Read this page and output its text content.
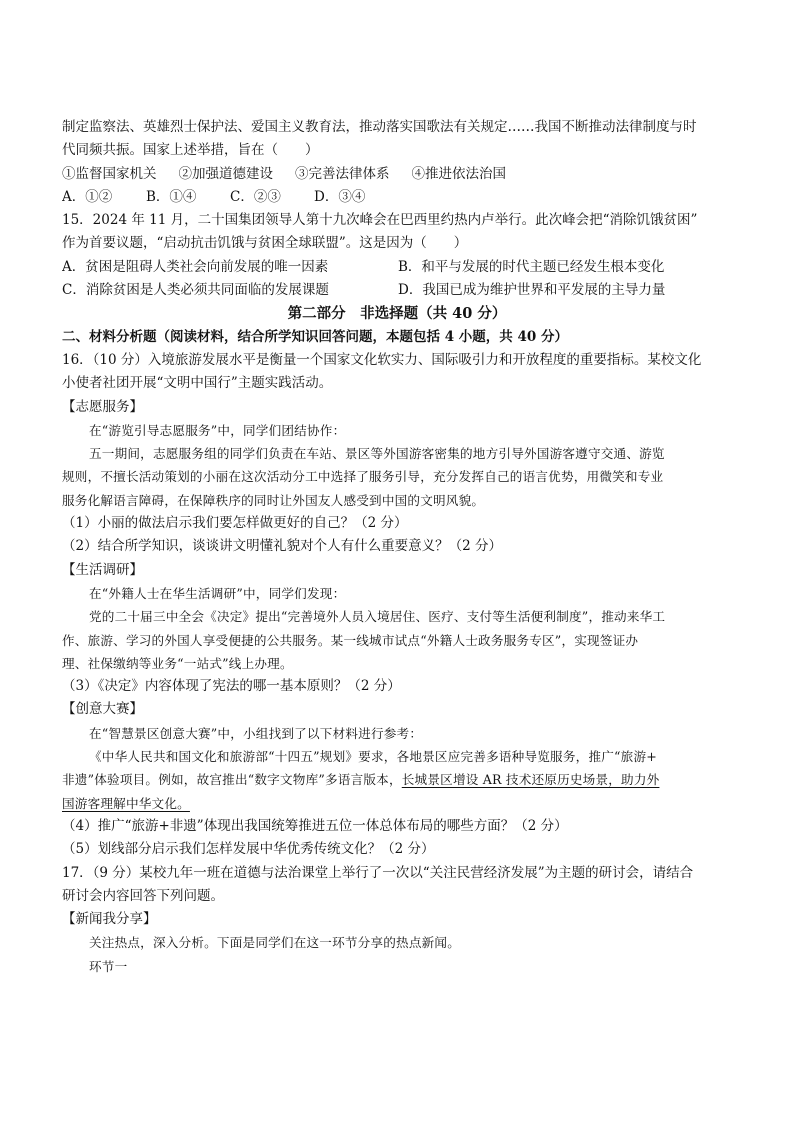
制定监察法、英雄烈士保护法、爱国主义教育法，推动落实国歌法有关规定……我国不断推动法律制度与时
代同频共振。国家上述举措，旨在（　　）
①监督国家机关 ②加强道德建设 ③完善法律体系 ④推进依法治国
A．①②	B．①④	C．②③	D．③④
15．2024 年 11 月，二十国集团领导人第十九次峰会在巴西里约热内卢举行。此次峰会把“消除饥饿贫困”
作为首要议题，“启动抗击饥饿与贫困全球联盟”。这是因为（　　）
A．贫困是阻碍人类社会向前发展的唯一因素	B．和平与发展的时代主题已经发生根本变化
C．消除贫困是人类必须共同面临的发展课题	D．我国已成为维护世界和平发展的主导力量
第二部分　非选择题（共 40 分）
二、材料分析题（阅读材料，结合所学知识回答问题，本题包括 4 小题，共 40 分）
16．（10 分）入境旅游发展水平是衡量一个国家文化软实力、国际吸引力和开放程度的重要指标。某校文化
小使者社团开展“文明中国行”主题实践活动。
【志愿服务】
在“游览引导志愿服务”中，同学们团结协作：
五一期间，志愿服务组的同学们负责在车站、景区等外国游客密集的地方引导外国游客遵守交通、游览
规则，不擅长活动策划的小丽在这次活动分工中选择了服务引导，充分发挥自己的语言优势，用微笑和专业
服务化解语言障碍，在保障秩序的同时让外国友人感受到中国的文明风貌。
（1）小丽的做法启示我们要怎样做更好的自己？（2 分）
（2）结合所学知识，谈谈讲文明懂礼貌对个人有什么重要意义？（2 分）
【生活调研】
在“外籍人士在华生活调研”中，同学们发现：
党的二十届三中全会《决定》提出“完善境外人员入境居住、医疗、支付等生活便利制度”，推动来华工
作、旅游、学习的外国人享受便捷的公共服务。某一线城市试点“外籍人士政务服务专区”，实现签证办
理、社保缴纳等业务“一站式”线上办理。
（3）《决定》内容体现了宪法的哪一基本原则？（2 分）
【创意大赛】
在“智慧景区创意大赛”中，小组找到了以下材料进行参考：
《中华人民共和国文化和旅游部“十四五”规划》要求，各地景区应完善多语种导览服务，推广“旅游+
非遗”体验项目。例如，故宫推出“数字文物库”多语言版本，长城景区增设 AR 技术还原历史场景，助力外
国游客理解中华文化。
（4）推广“旅游+非遗”体现出我国统筹推进五位一体总体布局的哪些方面？（2 分）
（5）划线部分启示我们怎样发展中华优秀传统文化？（2 分）
17．（9 分）某校九年一班在道德与法治课堂上举行了一次以“关注民营经济发展”为主题的研讨会，请结合
研讨会内容回答下列问题。
【新闻我分享】
关注热点，深入分析。下面是同学们在这一环节分享的热点新闻。
环节一
